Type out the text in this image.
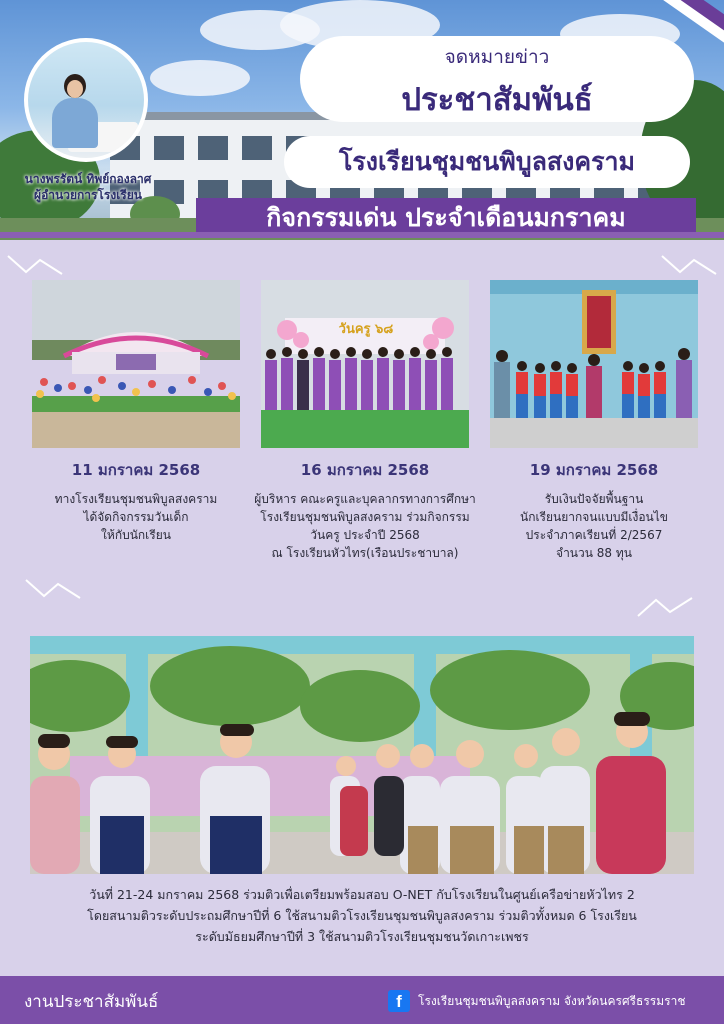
นางพรรัตน์ ทิพย์กองลาศ
ผู้อำนวยการโรงเรียน
จดหมายข่าว
ประชาสัมพันธ์
โรงเรียนชุมชนพิบูลสงคราม
กิจกรรมเด่น ประจำเดือนมกราคม
11 มกราคม 2568
ทางโรงเรียนชุมชนพิบูลสงคราม
ได้จัดกิจกรรมวันเด็ก
ให้กับนักเรียน
วันครู ๖๘
16 มกราคม 2568
ผู้บริหาร คณะครูและบุคลากรทางการศึกษา
โรงเรียนชุมชนพิบูลสงคราม ร่วมกิจกรรม
วันครู ประจำปี 2568
ณ โรงเรียนหัวไทร(เรือนประชาบาล)
19 มกราคม 2568
รับเงินปัจจัยพื้นฐาน
นักเรียนยากจนแบบมีเงื่อนไข
ประจำภาคเรียนที่ 2/2567
จำนวน 88 ทุน
วันที่ 21-24 มกราคม 2568 ร่วมติวเพื่อเตรียมพร้อมสอบ O-NET กับโรงเรียนในศูนย์เครือข่ายหัวไทร 2
โดยสนามติวระดับประถมศึกษาปีที่ 6 ใช้สนามติวโรงเรียนชุมชนพิบูลสงคราม ร่วมติวทั้งหมด 6 โรงเรียน
ระดับมัธยมศึกษาปีที่ 3 ใช้สนามติวโรงเรียนชุมชนวัดเกาะเพชร
งานประชาสัมพันธ์	f	โรงเรียนชุมชนพิบูลสงคราม จังหวัดนครศรีธรรมราช
